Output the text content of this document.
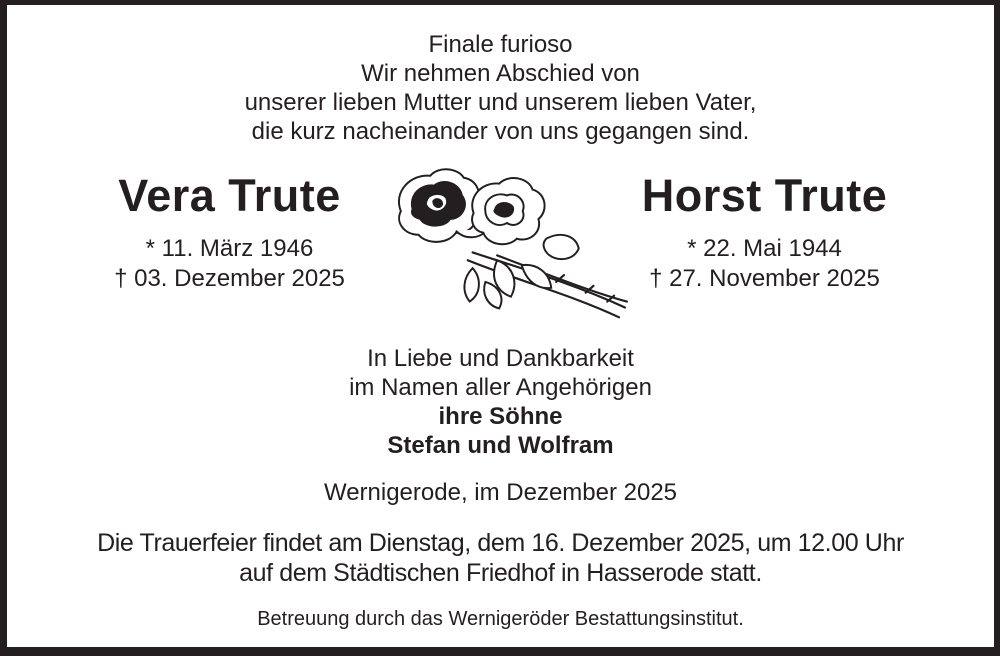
Finale furioso
Wir nehmen Abschied von
unserer lieben Mutter und unserem lieben Vater,
die kurz nacheinander von uns gegangen sind.
Vera Trute
* 11. März 1946
† 03. Dezember 2025
Horst Trute
* 22. Mai 1944
† 27. November 2025
In Liebe und Dankbarkeit
im Namen aller Angehörigen
ihre Söhne
Stefan und Wolfram
Wernigerode, im Dezember 2025
Die Trauerfeier findet am Dienstag, dem 16. Dezember 2025, um 12.00 Uhr
auf dem Städtischen Friedhof in Hasserode statt.
Betreuung durch das Wernigeröder Bestattungsinstitut.
